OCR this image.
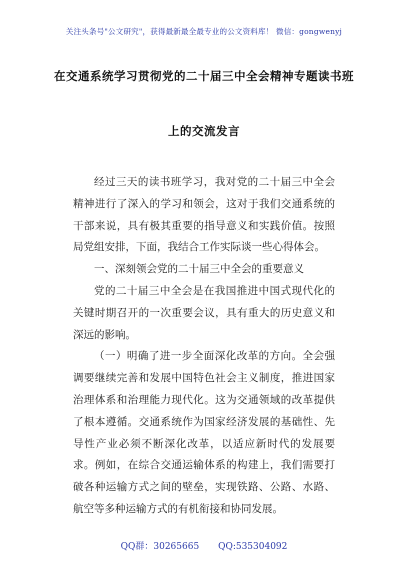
关注头条号"公文研究"，获得最新最全最专业的公文资料库！ 微信：gongwenyj
在交通系统学习贯彻党的二十届三中全会精神专题读书班
上的交流发言

经过三天的读书班学习，我对党的二十届三中全会精神进行了深入的学习和领会，这对于我们交通系统的干部来说，具有极其重要的指导意义和实践价值。按照局党组安排，下面，我结合工作实际谈一些心得体会。

一、深刻领会党的二十届三中全会的重要意义

党的二十届三中全会是在我国推进中国式现代化的关键时期召开的一次重要会议，具有重大的历史意义和深远的影响。

（一）明确了进一步全面深化改革的方向。全会强调要继续完善和发展中国特色社会主义制度，推进国家治理体系和治理能力现代化。这为交通领域的改革提供了根本遵循。交通系统作为国家经济发展的基础性、先导性产业必须不断深化改革，以适应新时代的发展要求。例如，在综合交通运输体系的构建上，我们需要打破各种运输方式之间的壁垒，实现铁路、公路、水路、航空等多种运输方式的有机衔接和协同发展。

QQ群：30265665 QQ:535304092
